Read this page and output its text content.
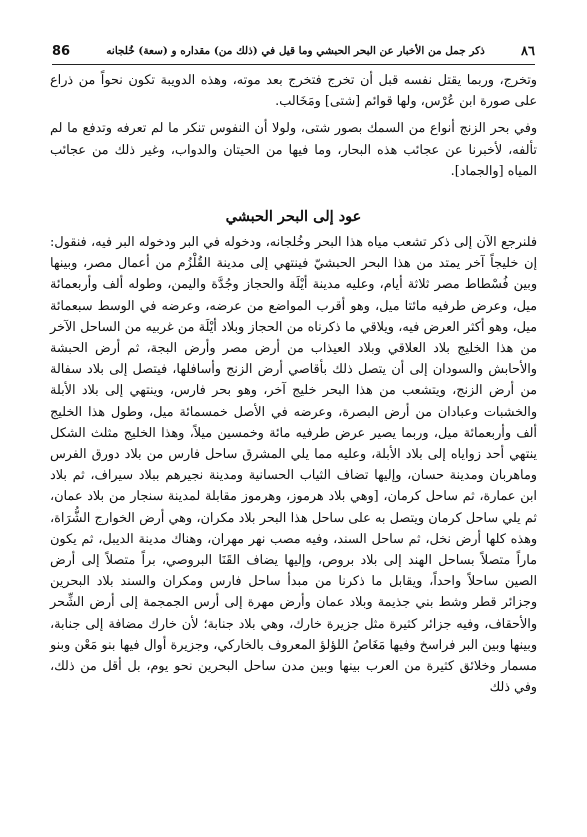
٨٦
ذكر جمل من الأخبار عن البحر الحبشي وما قيل في (ذلك من) مقداره و (سعة) خُلجانه
86

وتخرج، وربما يقتل نفسه قبل أن تخرج فتخرج بعد موته، وهذه الدويبة تكون نحواً من ذراع على صورة ابن عُرْس، ولها قوائم [شتى] ومَخَالب.

وفي بحر الزنج أنواع من السمك بصور شتى، ولولا أن النفوس تنكر ما لم تعرفه وتدفع ما لم تألفه، لأخبرنا عن عجائب هذه البحار، وما فيها من الحيتان والدواب، وغير ذلك من عجائب المياه [والجماد].

عود إلى البحر الحبشي

فلنرجع الآن إلى ذكر تشعب مياه هذا البحر وخُلجانه، ودخوله في البر ودخوله البر فيه، فنقول: إن خليجاً آخر يمتد من هذا البحر الحبشيّ فينتهي إلى مدينة القُلْزُم من أعمال مصر، وبينها وبين فُسْطاط مصر ثلاثة أيام، وعليه مدينة أيْلَة والحجاز وجُدَّة واليمن، وطوله ألف وأربعمائة ميل، وعرض طرفيه مائتا ميل، وهو أقرب المواضع من عرضه، وعرضه في الوسط سبعمائة ميل، وهو أكثر العرض فيه، ويلاقي ما ذكرناه من الحجاز وبلاد أيْلَة من غربيه من الساحل الآخر من هذا الخليج بلاد العلاقي وبلاد العيذاب من أرض مصر وأرض البجة، ثم أرض الحبشة والأحابش والسودان إلى أن يتصل ذلك بأقاصي أرض الزنج وأسافلها، فيتصل إلى بلاد سفالة من أرض الزنج، ويتشعب من هذا البحر خليج آخر، وهو بحر فارس، وينتهي إلى بلاد الأبلة والخشبات وعبادان من أرض البصرة، وعرضه في الأصل خمسمائة ميل، وطول هذا الخليج ألف وأربعمائة ميل، وربما يصير عرض طرفيه مائة وخمسين ميلاً، وهذا الخليج مثلث الشكل ينتهي أحد زواياه إلى بلاد الأبلة، وعليه مما يلي المشرق ساحل فارس من بلاد دورق الفرس وماهربان ومدينة حسان، وإليها تضاف الثياب الحسانية ومدينة نجيرهم ببلاد سيراف، ثم بلاد ابن عمارة، ثم ساحل كرمان، [وهي بلاد هرموز، وهرموز مقابلة لمدينة سنجار من بلاد عمان، ثم يلي ساحل كرمان ويتصل به على ساحل هذا البحر بلاد مكران، وهي أرض الخوارج الشُّرَاة، وهذه كلها أرض نخل، ثم ساحل السند، وفيه مصب نهر مهران، وهناك مدينة الديبل، ثم يكون ماراً متصلاً بساحل الهند إلى بلاد بروص، وإليها يضاف القَنَا البروصي، براً متصلاً إلى أرض الصين ساحلاً واحداً، ويقابل ما ذكرنا من مبدأ ساحل فارس ومكران والسند بلاد البحرين وجزائر قطر وشط بني جذيمة وبلاد عمان وأرض مهرة إلى أرس الجمجمة إلى أرض الشِّحر والأحقاف، وفيه جزائر كثيرة مثل جزيرة خارك، وهي بلاد جنابة؛ لأن خارك مضافة إلى جنابة، وبينها وبين البر فراسخ وفيها مَغَاصُ اللؤلؤ المعروف بالخاركي، وجزيرة أوال فيها بنو مَعْن وبنو مسمار وخلائق كثيرة من العرب بينها وبين مدن ساحل البحرين نحو يوم، بل أقل من ذلك، وفي ذلك
